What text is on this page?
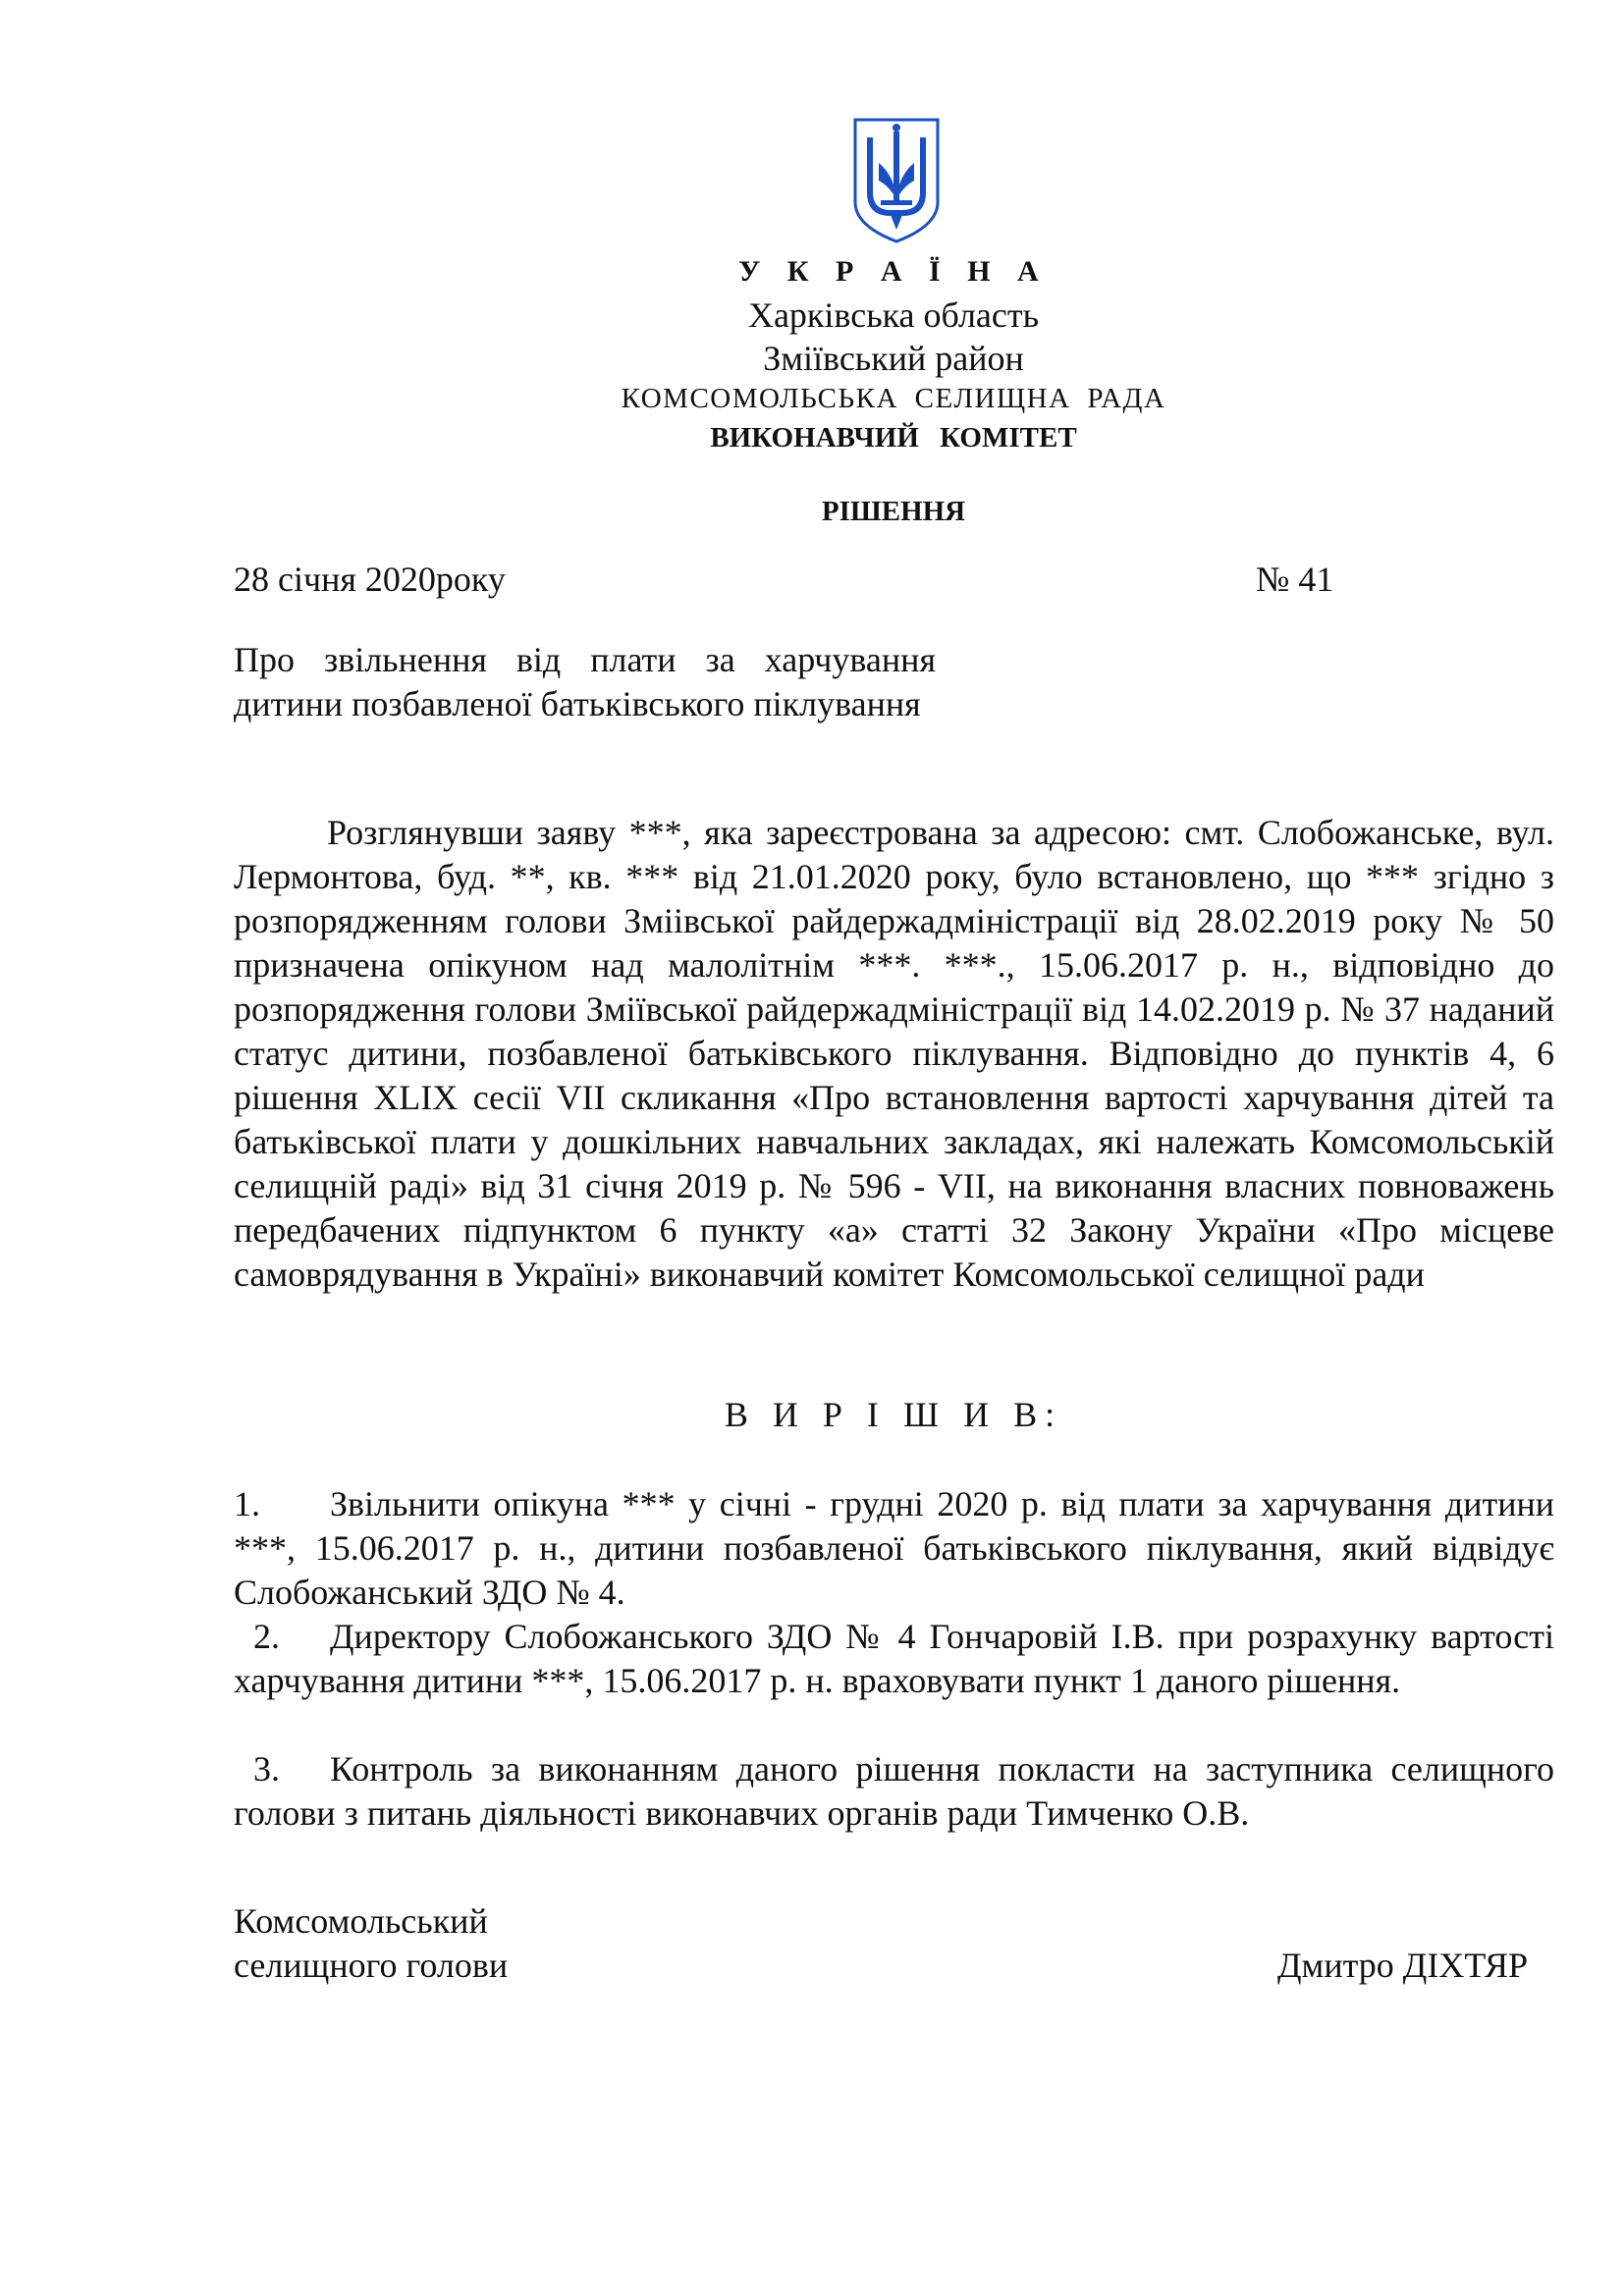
У К Р А Ї Н А
Харківська область
Зміївський район
КОМСОМОЛЬСЬКА СЕЛИЩНА РАДА
ВИКОНАВЧИЙ КОМІТЕТ
РІШЕННЯ
28 січня 2020року	№ 41
Про звільнення від плати за харчування дитини позбавленої батьківського піклування
Розглянувши заяву ***, яка зареєстрована за адресою: смт. Слобожанське, вул. Лермонтова, буд. **, кв. *** від 21.01.2020 року, було встановлено, що *** згідно з розпорядженням голови Зміівської райдержадміністрації від 28.02.2019 року № 50 призначена опікуном над малолітнім ***. ***., 15.06.2017 р. н., відповідно до розпорядження голови Зміївської райдержадміністрації від 14.02.2019 р. № 37 наданий статус дитини, позбавленої батьківського піклування. Відповідно до пунктів 4, 6 рішення XLIX сесії VII скликання «Про встановлення вартості харчування дітей та батьківської плати у дошкільних навчальних закладах, які належать Комсомольській селищній раді» від 31 січня 2019 р. № 596 - VII, на виконання власних повноважень передбачених підпунктом 6 пункту «а» статті 32 Закону України «Про місцеве самоврядування в Україні» виконавчий комітет Комсомольської селищної ради
В И Р І Ш И В:
1. Звільнити опікуна *** у січні - грудні 2020 р. від плати за харчування дитини ***, 15.06.2017 р. н., дитини позбавленої батьківського піклування, який відвідує Слобожанський ЗДО № 4.
2. Директору Слобожанського ЗДО № 4 Гончаровій І.В. при розрахунку вартості харчування дитини ***, 15.06.2017 р. н. враховувати пункт 1 даного рішення.
3. Контроль за виконанням даного рішення покласти на заступника селищного голови з питань діяльності виконавчих органів ради Тимченко О.В.
Комсомольський
селищного голови	Дмитро ДІХТЯР
